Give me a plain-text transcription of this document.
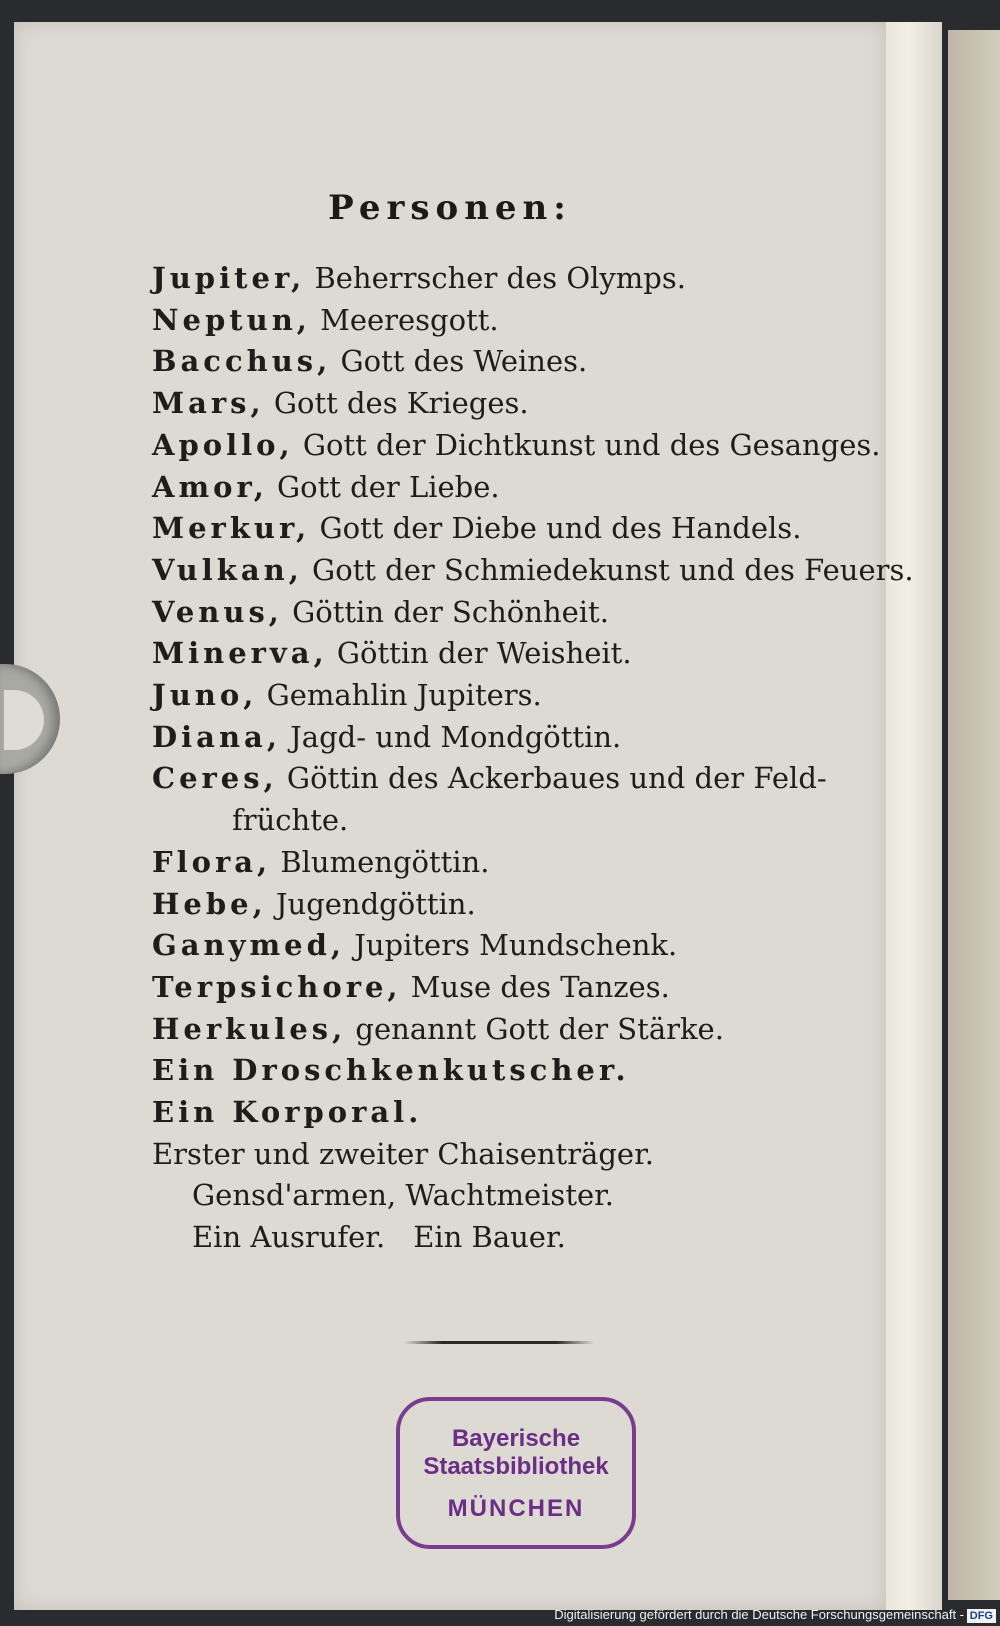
Personen:
Jupiter, Beherrscher des Olymps.
Neptun, Meeresgott.
Bacchus, Gott des Weines.
Mars, Gott des Krieges.
Apollo, Gott der Dichtkunst und des Gesanges.
Amor, Gott der Liebe.
Merkur, Gott der Diebe und des Handels.
Vulkan, Gott der Schmiedekunst und des Feuers.
Venus, Göttin der Schönheit.
Minerva, Göttin der Weisheit.
Juno, Gemahlin Jupiters.
Diana, Jagd- und Mondgöttin.
Ceres, Göttin des Ackerbaues und der Feld-
früchte.
Flora, Blumengöttin.
Hebe, Jugendgöttin.
Ganymed, Jupiters Mundschenk.
Terpsichore, Muse des Tanzes.
Herkules, genannt Gott der Stärke.
Ein Droschkenkutscher.
Ein Korporal.
Erster und zweiter Chaisenträger.
Gensd'armen, Wachtmeister.
Ein Ausrufer. Ein Bauer.
Bayerische
Staatsbibliothek
MÜNCHEN
Digitalisierung gefördert durch die Deutsche Forschungsgemeinschaft - DFG
